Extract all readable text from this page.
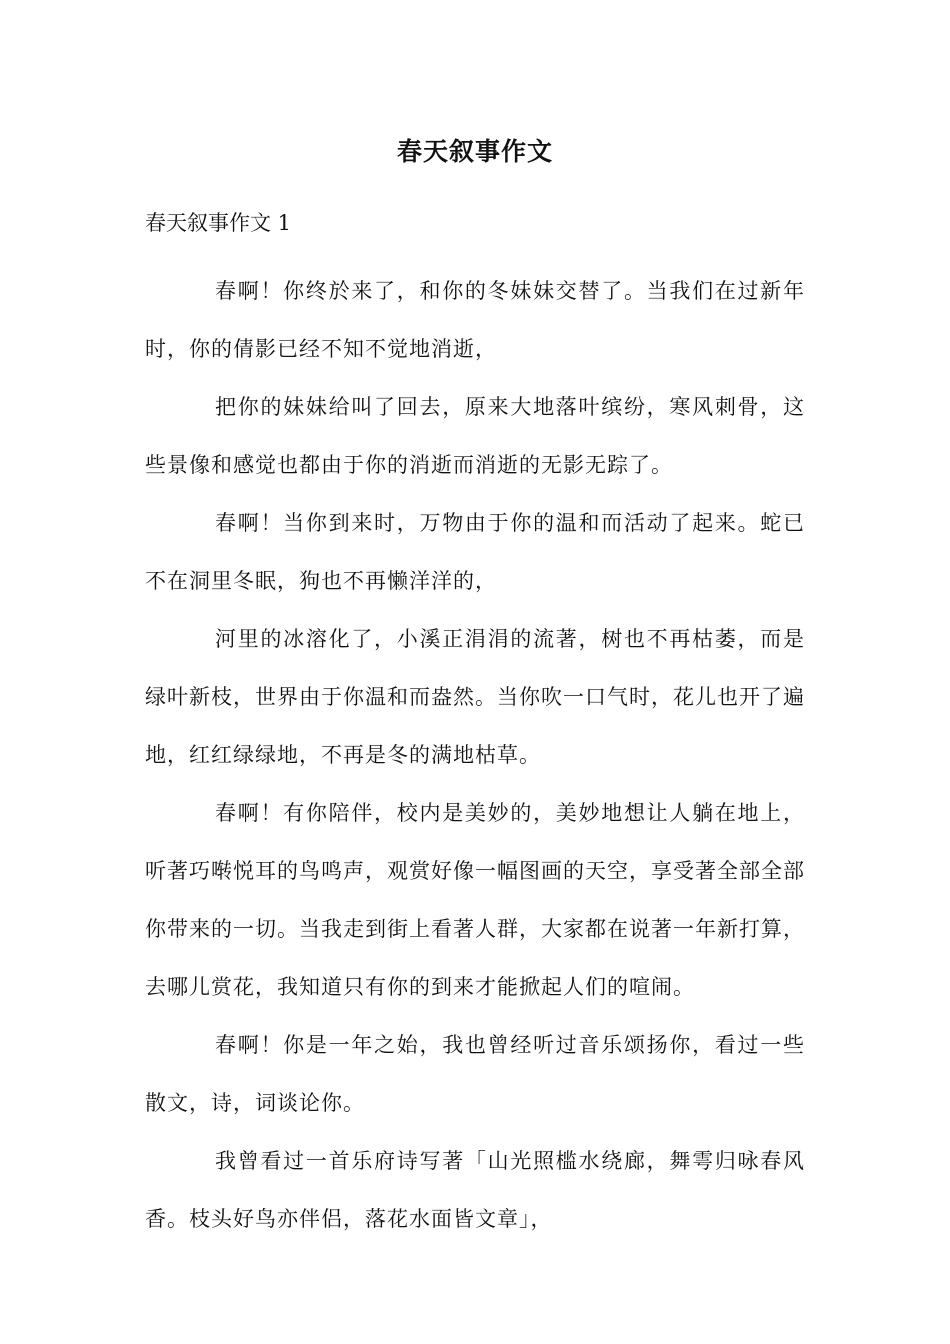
春天叙事作文
春天叙事作文 1

春啊！你终於来了，和你的冬妹妹交替了。当我们在过新年时，你的倩影已经不知不觉地消逝，

把你的妹妹给叫了回去，原来大地落叶缤纷，寒风刺骨，这些景像和感觉也都由于你的消逝而消逝的无影无踪了。

春啊！当你到来时，万物由于你的温和而活动了起来。蛇已不在洞里冬眠，狗也不再懒洋洋的，

河里的冰溶化了，小溪正涓涓的流著，树也不再枯萎，而是绿叶新枝，世界由于你温和而盎然。当你吹一口气时，花儿也开了遍地，红红绿绿地，不再是冬的满地枯草。

春啊！有你陪伴，校内是美妙的，美妙地想让人躺在地上，听著巧啭悦耳的鸟鸣声，观赏好像一幅图画的天空，享受著全部全部你带来的一切。当我走到街上看著人群，大家都在说著一年新打算，去哪儿赏花，我知道只有你的到来才能掀起人们的喧闹。

春啊！你是一年之始，我也曾经听过音乐颂扬你，看过一些散文，诗，词谈论你。

我曾看过一首乐府诗写著「山光照槛水绕廊，舞雩归咏春风香。枝头好鸟亦伴侣，落花水面皆文章」，
